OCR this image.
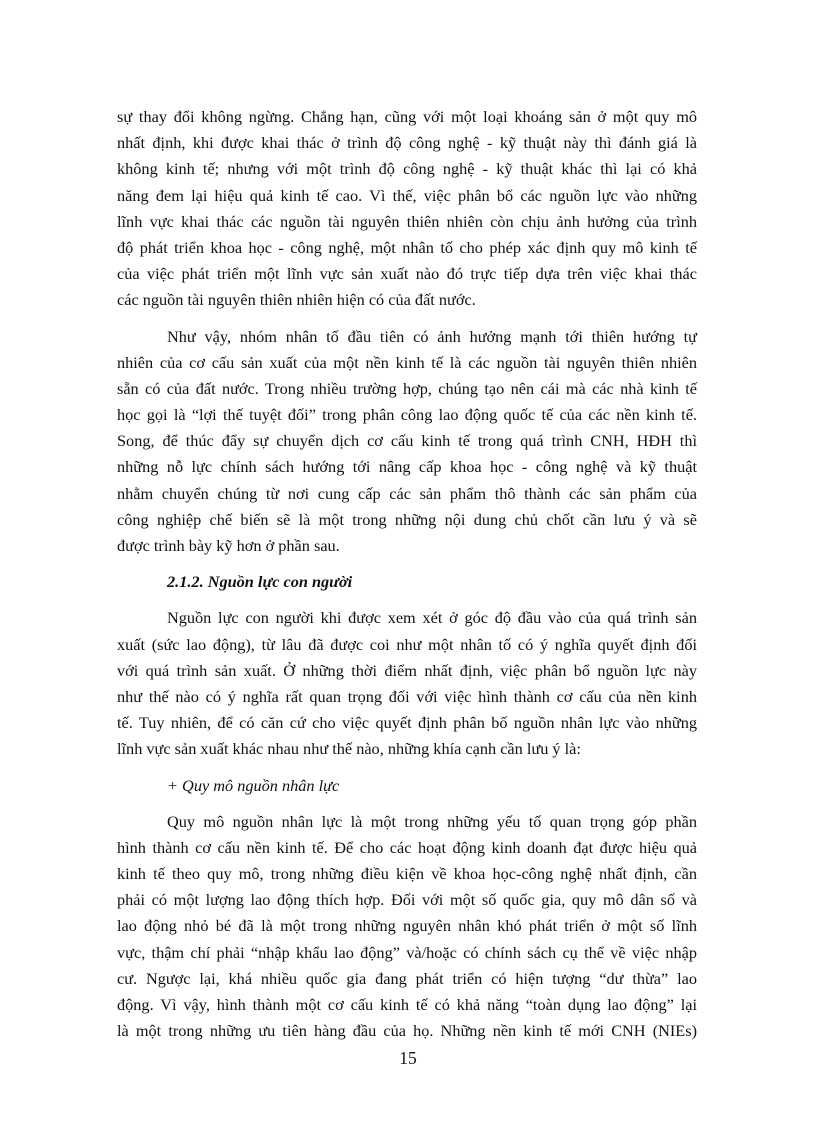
sự thay đổi không ngừng. Chẳng hạn, cũng với một loại khoáng sản ở một quy mô
nhất định, khi được khai thác ở trình độ công nghệ - kỹ thuật này thì đánh giá là
không kinh tế; nhưng với một trình độ công nghệ - kỹ thuật khác thì lại có khả
năng đem lại hiệu quả kinh tế cao. Vì thế, việc phân bổ các nguồn lực vào những
lĩnh vực khai thác các nguồn tài nguyên thiên nhiên còn chịu ảnh hưởng của trình
độ phát triển khoa học - công nghệ, một nhân tố cho phép xác định quy mô kinh tế
của việc phát triển một lĩnh vực sản xuất nào đó trực tiếp dựa trên việc khai thác
các nguồn tài nguyên thiên nhiên hiện có của đất nước.
Như vậy, nhóm nhân tố đầu tiên có ảnh hưởng mạnh tới thiên hướng tự
nhiên của cơ cấu sản xuất của một nền kinh tế là các nguồn tài nguyên thiên nhiên
sẵn có của đất nước. Trong nhiều trường hợp, chúng tạo nên cái mà các nhà kinh tế
học gọi là “lợi thế tuyệt đối” trong phân công lao động quốc tế của các nền kinh tế.
Song, để thúc đẩy sự chuyển dịch cơ cấu kinh tế trong quá trình CNH, HĐH thì
những nỗ lực chính sách hướng tới nâng cấp khoa học - công nghệ và kỹ thuật
nhằm chuyển chúng từ nơi cung cấp các sản phẩm thô thành các sản phẩm của
công nghiệp chế biến sẽ là một trong những nội dung chủ chốt cần lưu ý và sẽ
được trình bày kỹ hơn ở phần sau.

2.1.2. Nguồn lực con người

Nguồn lực con người khi được xem xét ở góc độ đầu vào của quá trình sản
xuất (sức lao động), từ lâu đã được coi như một nhân tố có ý nghĩa quyết định đối
với quá trình sản xuất. Ở những thời điểm nhất định, việc phân bổ nguồn lực này
như thế nào có ý nghĩa rất quan trọng đối với việc hình thành cơ cấu của nền kinh
tế. Tuy nhiên, để có căn cứ cho việc quyết định phân bố nguồn nhân lực vào những
lĩnh vực sản xuất khác nhau như thế nào, những khía cạnh cần lưu ý là:

+ Quy mô nguồn nhân lực

Quy mô nguồn nhân lực là một trong những yếu tố quan trọng góp phần
hình thành cơ cấu nền kinh tế. Để cho các hoạt động kinh doanh đạt được hiệu quả
kinh tế theo quy mô, trong những điều kiện về khoa học-công nghệ nhất định, cần
phải có một lượng lao động thích hợp. Đối với một số quốc gia, quy mô dân số và
lao động nhỏ bé đã là một trong những nguyên nhân khó phát triển ở một số lĩnh
vực, thậm chí phải “nhập khẩu lao động” và/hoặc có chính sách cụ thể về việc nhập
cư. Ngược lại, khá nhiều quốc gia đang phát triển có hiện tượng “dư thừa” lao
động. Vì vậy, hình thành một cơ cấu kinh tế có khả năng “toàn dụng lao động” lại
là một trong những ưu tiên hàng đầu của họ. Những nền kinh tế mới CNH (NIEs)
15
